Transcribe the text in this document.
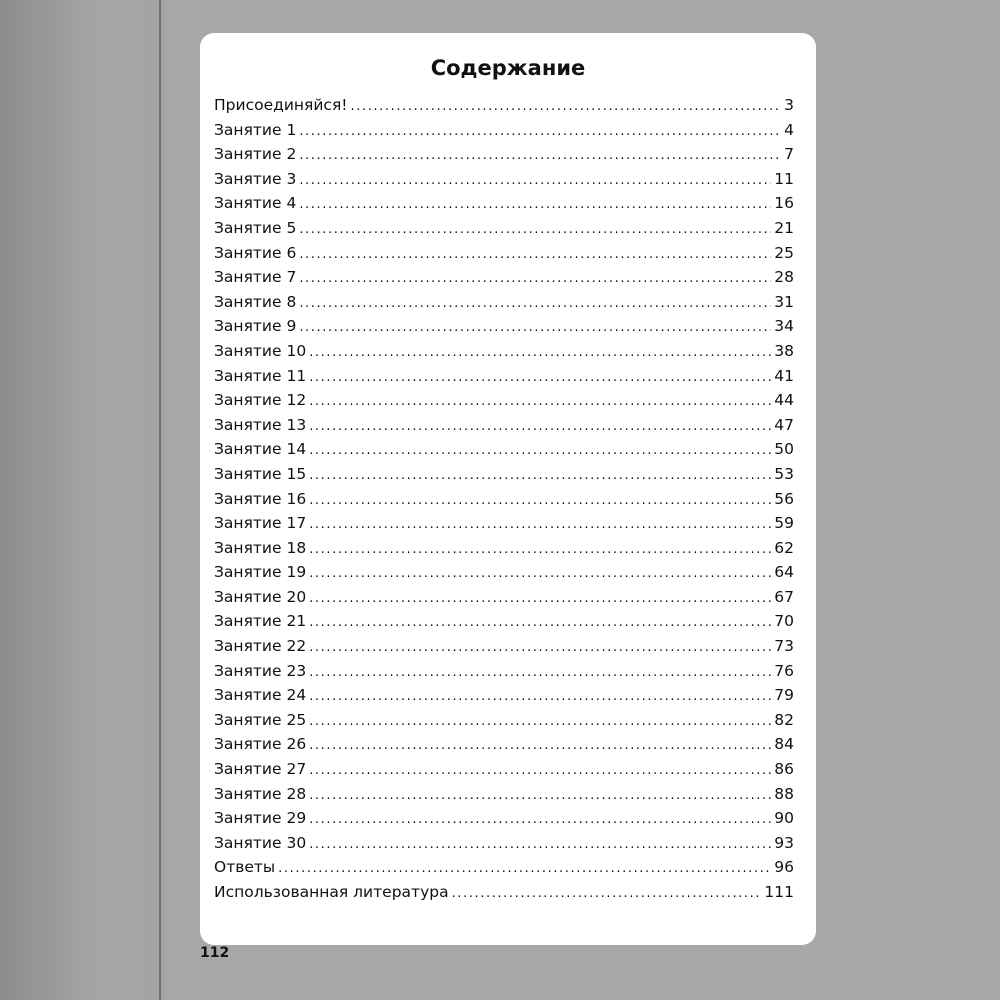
Содержание
Присоединяйся! .....	3
Занятие 1 .....	4
Занятие 2 .....	7
Занятие 3 .....	11
Занятие 4 .....	16
Занятие 5 .....	21
Занятие 6 .....	25
Занятие 7 .....	28
Занятие 8 .....	31
Занятие 9 .....	34
Занятие 10 .....	38
Занятие 11 .....	41
Занятие 12 .....	44
Занятие 13 .....	47
Занятие 14 .....	50
Занятие 15 .....	53
Занятие 16 .....	56
Занятие 17 .....	59
Занятие 18 .....	62
Занятие 19 .....	64
Занятие 20 .....	67
Занятие 21 .....	70
Занятие 22 .....	73
Занятие 23 .....	76
Занятие 24 .....	79
Занятие 25 .....	82
Занятие 26 .....	84
Занятие 27 .....	86
Занятие 28 .....	88
Занятие 29 .....	90
Занятие 30 .....	93
Ответы .....	96
Использованная литература .....	111
112
